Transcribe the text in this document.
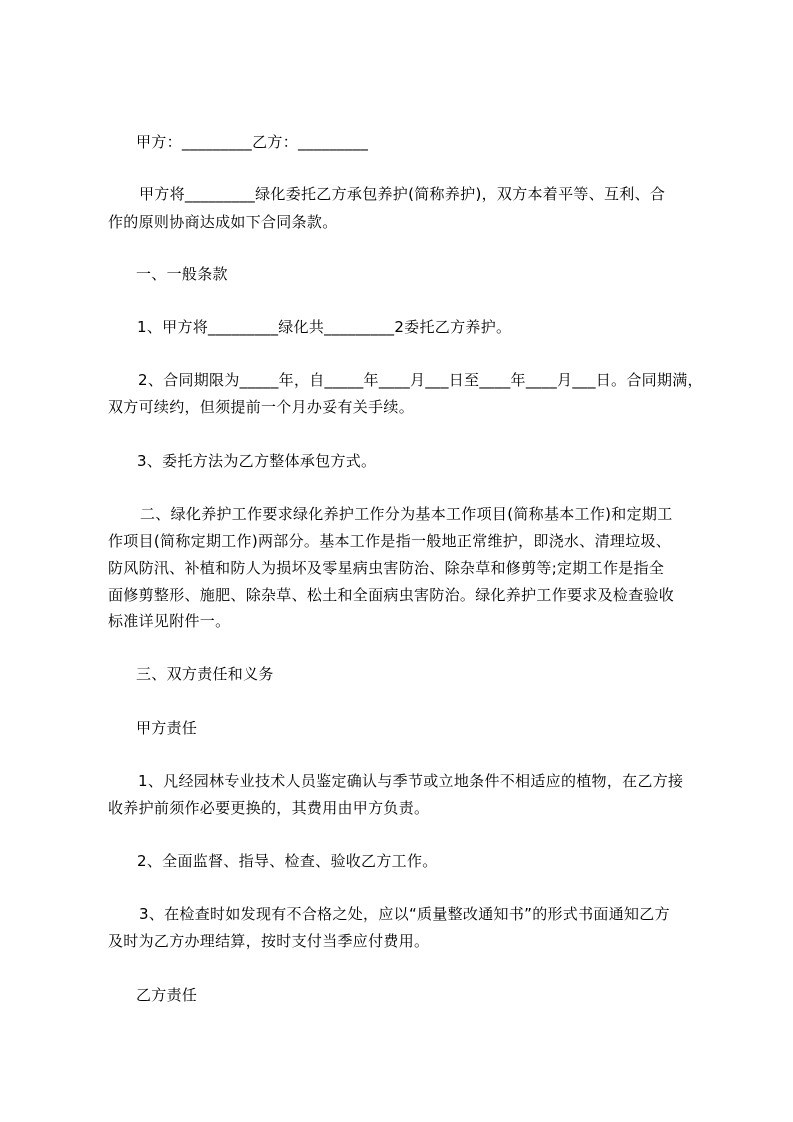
甲方：_________乙方：_________
甲方将_________绿化委托乙方承包养护(简称养护)，双方本着平等、互利、合
作的原则协商达成如下合同条款。
一、一般条款
1、甲方将_________绿化共_________2委托乙方养护。
2、合同期限为_____年，自_____年____月___日至____年____月___日。合同期满，
双方可续约，但须提前一个月办妥有关手续。
3、委托方法为乙方整体承包方式。
二、绿化养护工作要求绿化养护工作分为基本工作项目(简称基本工作)和定期工
作项目(简称定期工作)两部分。基本工作是指一般地正常维护，即浇水、清理垃圾、
防风防汛、补植和防人为损坏及零星病虫害防治、除杂草和修剪等;定期工作是指全
面修剪整形、施肥、除杂草、松土和全面病虫害防治。绿化养护工作要求及检查验收
标准详见附件一。
三、双方责任和义务
甲方责任
1、凡经园林专业技术人员鉴定确认与季节或立地条件不相适应的植物，在乙方接
收养护前须作必要更换的，其费用由甲方负责。
2、全面监督、指导、检查、验收乙方工作。
3、在检查时如发现有不合格之处，应以“质量整改通知书”的形式书面通知乙方
及时为乙方办理结算，按时支付当季应付费用。
乙方责任
